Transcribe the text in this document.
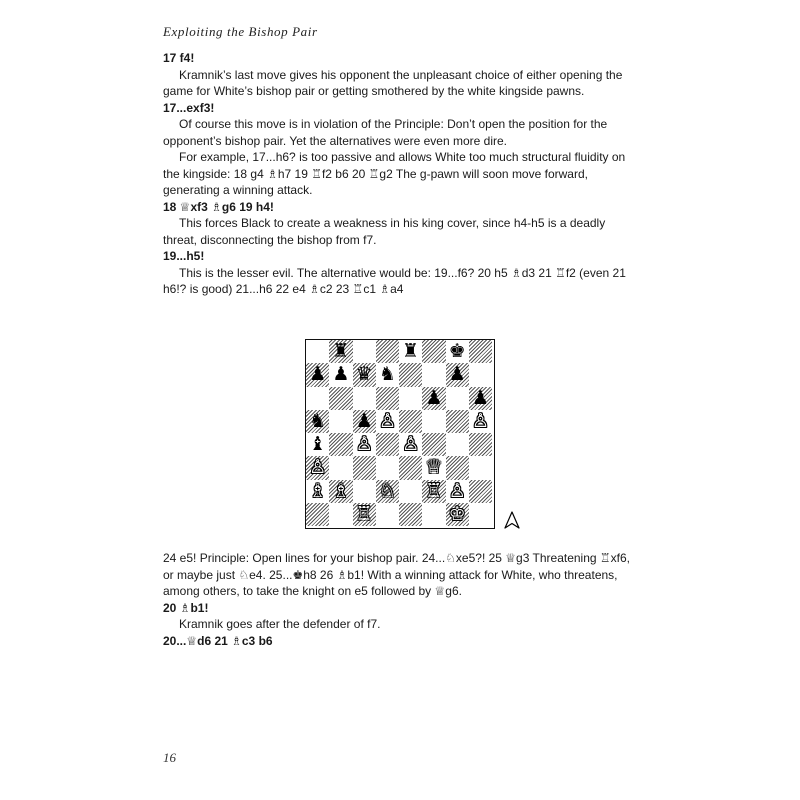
Exploiting the Bishop Pair

17 f4!

Kramnik’s last move gives his opponent the unpleasant choice of either opening the game for White’s bishop pair or getting smothered by the white kingside pawns.

17...exf3!

Of course this move is in violation of the Principle: Don’t open the position for the opponent’s bishop pair. Yet the alternatives were even more dire.

For example, 17...h6? is too passive and allows White too much structural fluidity on the kingside: 18 g4 ♗h7 19 ♖f2 b6 20 ♖g2 The g-pawn will soon move forward, generating a winning attack.

18 ♕xf3 ♗g6 19 h4!

This forces Black to create a weakness in his king cover, since h4-h5 is a deadly threat, disconnecting the bishop from f7.

19...h5!

This is the lesser evil. The alternative would be: 19...f6? 20 h5 ♗d3 21 ♖f2 (even 21 h6!? is good) 21...h6 22 e4 ♗c2 23 ♖c1 ♗a4

♜	♜ ♚
♟ ♟ ♛ ♞	♟
♟ ♟
♞ ♟ ♙	♙
♝ ♙ ♙
♙	♕
♗ ♗ ♘ ♖ ♙
♖	♔

24 e5! Principle: Open lines for your bishop pair. 24...♘xe5?! 25 ♕g3 Threatening ♖xf6, or maybe just ♘e4. 25...♚h8 26 ♗b1! With a winning attack for White, who threatens, among others, to take the knight on e5 followed by ♕g6.

20 ♗b1!

Kramnik goes after the defender of f7.

20...♕d6 21 ♗c3 b6

16
